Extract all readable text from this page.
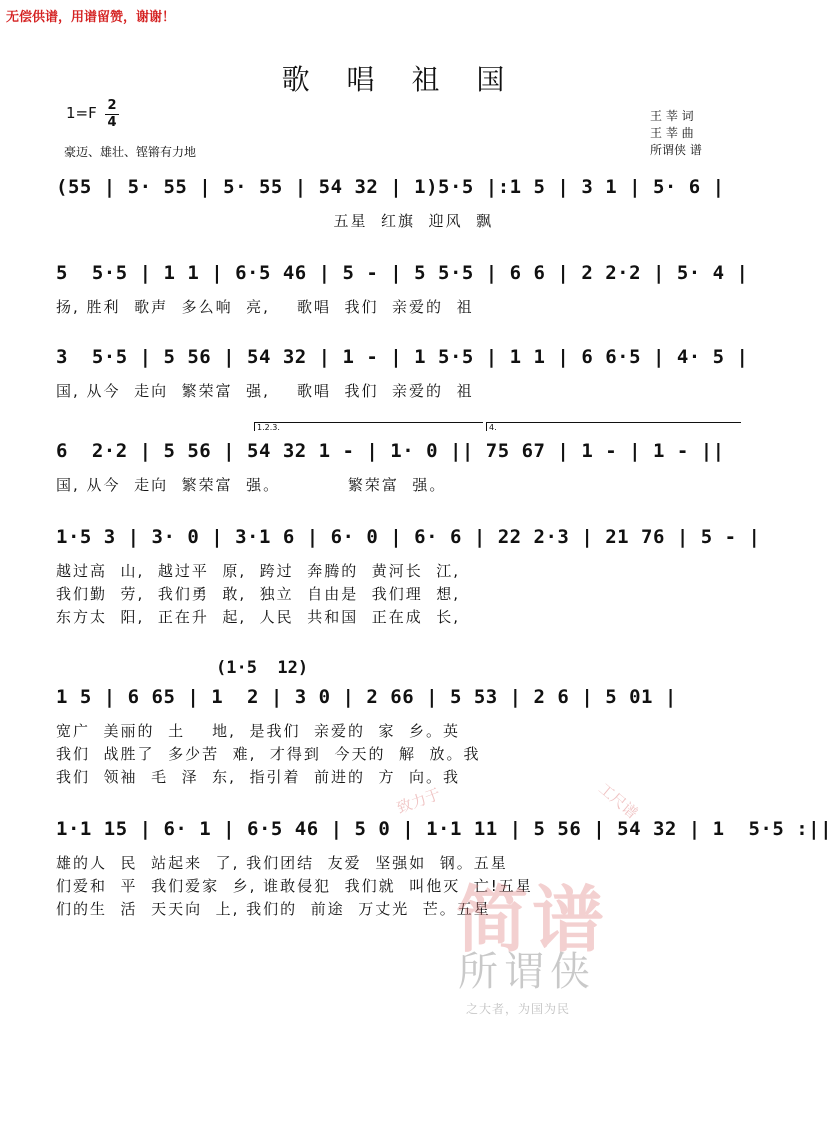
无偿供谱，用谱留赞，谢谢！
歌 唱 祖 国
1=F 2
4
豪迈、雄壮、铿锵有力地
王 莘 词
王 莘 曲
所谓侠 谱
(55 | 5· 55 | 5· 55 | 54 32 | 1)5·5 |:1 5 | 3 1 | 5· 6 |
五星  红旗  迎风  飘
5  5·5 | 1 1 | 6·5 46 | 5 - | 5 5·5 | 6 6 | 2 2·2 | 5· 4 |
扬, 胜利  歌声  多么响  亮,    歌唱  我们  亲爱的  祖
3  5·5 | 5 56 | 54 32 | 1 - | 1 5·5 | 1 1 | 6 6·5 | 4· 5 |
国, 从今  走向  繁荣富  强,    歌唱  我们  亲爱的  祖
1.2.3.	4.
6  2·2 | 5 56 | 54 32 1 - | 1· 0 || 75 67 | 1 - | 1 - ||
国, 从今  走向  繁荣富  强。          繁荣富  强。
1·5 3 | 3· 0 | 3·1 6 | 6· 0 | 6· 6 | 22 2·3 | 21 76 | 5 - |
越过高  山,  越过平  原,  跨过  奔腾的  黄河长  江,
我们勤  劳,  我们勇  敢,  独立  自由是  我们理  想,
东方太  阳,  正在升  起,  人民  共和国  正在成  长,
(1·5  12)
1 5 | 6 65 | 1  2 | 3 0 | 2 66 | 5 53 | 2 6 | 5 01 |
宽广  美丽的  土    地,  是我们  亲爱的  家  乡。英
我们  战胜了  多少苦  难,  才得到  今天的  解  放。我
我们  领袖  毛  泽  东,  指引着  前进的  方  向。我
1·1 15 | 6· 1 | 6·5 46 | 5 0 | 1·1 11 | 5 56 | 54 32 | 1  5·5 :||
雄的人  民  站起来  了, 我们团结  友爱  坚强如  钢。五星
们爱和  平  我们爱家  乡, 谁敢侵犯  我们就  叫他灭  亡!五星
们的生  活  天天向  上, 我们的  前途  万丈光  芒。五星
致力于	工尺谱
简谱
所谓侠
之大者，为国为民
